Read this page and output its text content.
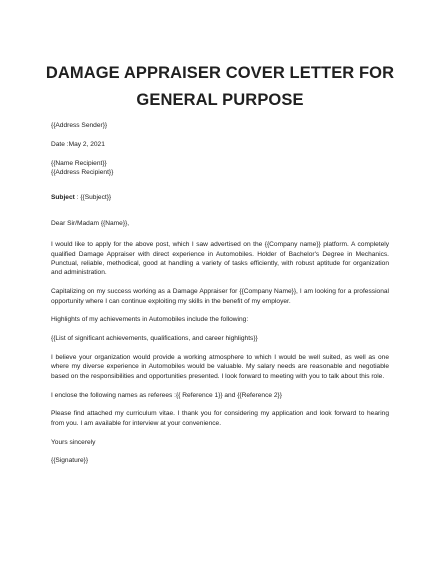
DAMAGE APPRAISER COVER LETTER FOR
GENERAL PURPOSE
{{Address Sender}}
Date :May 2, 2021
{{Name Recipient}}
{{Address Recipient}}
Subject : {{Subject}}
Dear Sir/Madam {{Name}},
I would like to apply for the above post, which I saw advertised on the {{Company name}} platform. A completely qualified Damage Appraiser with direct experience in Automobiles. Holder of Bachelor's Degree in Mechanics. Punctual, reliable, methodical, good at handling a variety of tasks efficiently, with robust aptitude for organization and administration.
Capitalizing on my success working as a Damage Appraiser for {{Company Name}}, I am looking for a professional opportunity where I can continue exploiting my skills in the benefit of my employer.
Highlights of my achievements in Automobiles include the following:
{{List of significant achievements, qualifications, and career highlights}}
I believe your organization would provide a working atmosphere to which I would be well suited, as well as one where my diverse experience in Automobiles would be valuable. My salary needs are reasonable and negotiable based on the responsibilities and opportunities presented. I look forward to meeting with you to talk about this role.
I enclose the following names as referees :{{ Reference 1}} and {{Reference 2}}
Please find attached my curriculum vitae. I thank you for considering my application and look forward to hearing from you. I am available for interview at your convenience.
Yours sincerely
{{Signature}}
